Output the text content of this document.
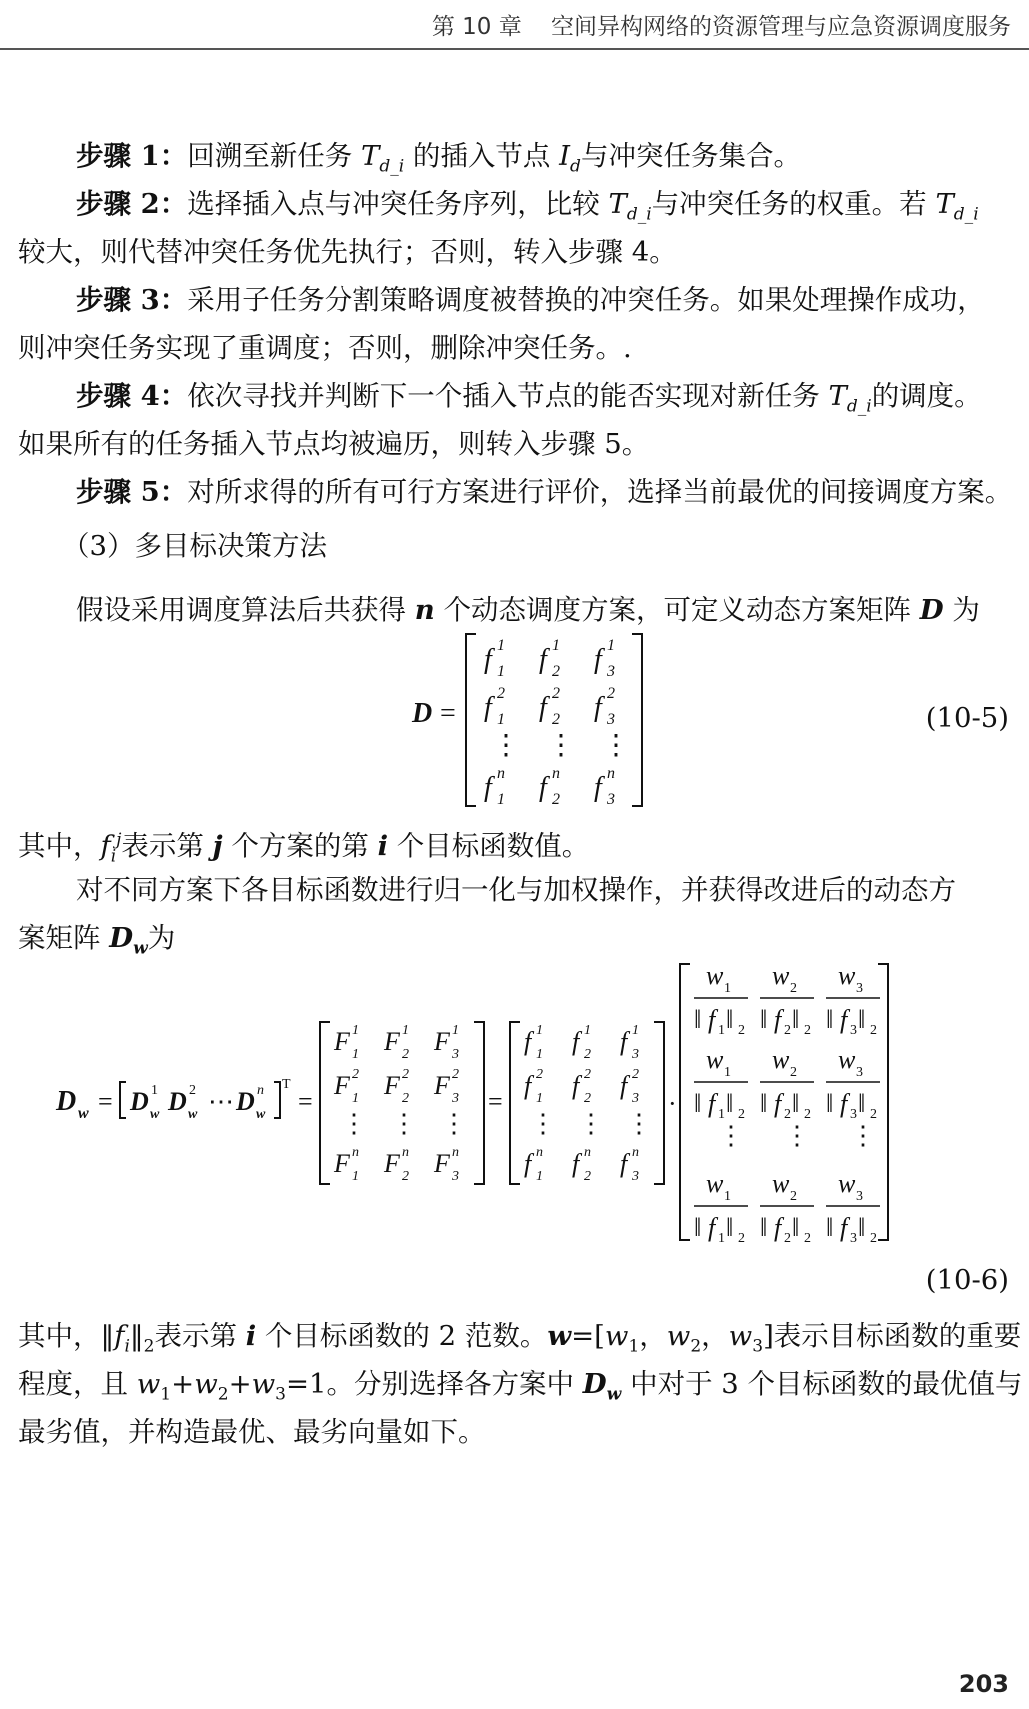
第 10 章 空间异构网络的资源管理与应急资源调度服务
步骤 1：回溯至新任务 $T_{d\_i}$ 的插入节点 $I_d$与冲突任务集合。
步骤 2：选择插入点与冲突任务序列，比较 $T_{d\_i}$与冲突任务的权重。若 $T_{d\_i}$
较大，则代替冲突任务优先执行；否则，转入步骤 4。
步骤 3：采用子任务分割策略调度被替换的冲突任务。如果处理操作成功，
则冲突任务实现了重调度；否则，删除冲突任务。.
步骤 4：依次寻找并判断下一个插入节点的能否实现对新任务 $T_{d\_i}$的调度。
如果所有的任务插入节点均被遍历，则转入步骤 5。
步骤 5：对所求得的所有可行方案进行评价，选择当前最优的间接调度方案。
（3）多目标决策方法
假设采用调度算法后共获得 n 个动态调度方案，可定义动态方案矩阵 D 为
D =
f 1
1 f 2
1 f 3
1
f 1
2 f 2
2 f 3
2
f 1
n f 2
n f 3
n
⋮ ⋮ ⋮
(10-5)
其中，$f_i^j$表示第 j 个方案的第 i 个目标函数值。
对不同方案下各目标函数进行归一化与加权操作，并获得改进后的动态方
案矩阵 $D_w$为
D w = D w
1 D w
2 ⋯ D w
n T
=
F 1
1 F 2
1 F 3
1
F 1
2 F 2
2 F 3
2
F 1
n F 2
n F 3
n
⋮ ⋮ ⋮
=
f 1
1 f 2
1 f 3
1
f 1
2 f 2
2 f 3
2
f 1
n f 2
n f 3
n
⋮ ⋮ ⋮
·
w 1
‖ f 1 ‖ 2
w 2
‖ f 2 ‖ 2
w 3
‖ f 3 ‖ 2
w 1
‖ f 1 ‖ 2
w 2
‖ f 2 ‖ 2
w 3
‖ f 3 ‖ 2
w 1
‖ f 1 ‖ 2
w 2
‖ f 2 ‖ 2
w 3
‖ f 3 ‖ 2
⋮ ⋮ ⋮
(10-6)
其中，$‖f_i‖_2$表示第 i 个目标函数的 2 范数。$w=[w_1$，$w_2$，$w_3$]表示目标函数的重要
程度，且 $w_1+w_2+w_3=1$。分别选择各方案中 $D_w$ 中对于 3 个目标函数的最优值与
最劣值，并构造最优、最劣向量如下。
203
